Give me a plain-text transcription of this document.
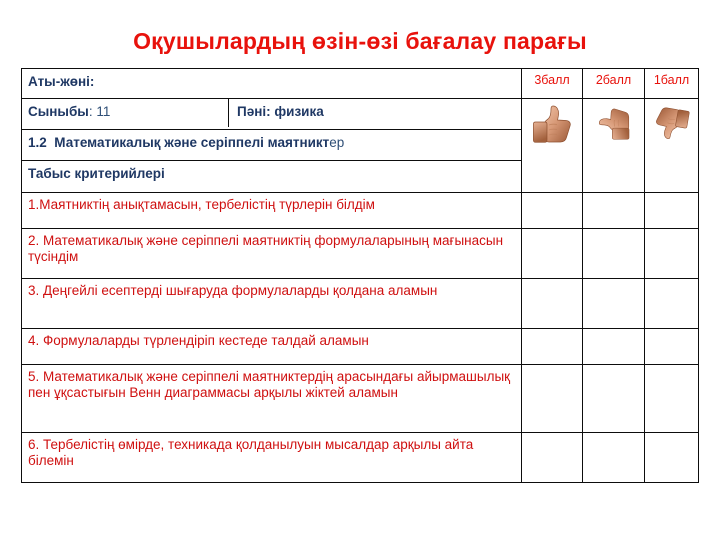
Оқушылардың өзін-өзі бағалау парағы
Аты-жөні:	3балл	2балл	1балл

Сыныбы: 11	Пәні: физика

1.2 Математикалық және серіппелі маятниктер
Табыс критерийлері
1.Маятниктің анықтамасын, тербелістің түрлерін білдім			
2. Математикалық және серіппелі маятниктің формулаларының мағынасын түсіндім			
3. Деңгейлі есептерді шығаруда формулаларды қолдана аламын			
4. Формулаларды түрлендіріп кестеде талдай аламын			
5. Математикалық және серіппелі маятниктердің арасындағы айырмашылық пен ұқсастығын Венн диаграммасы арқылы жіктей аламын			
6. Тербелістің өмірде, техникада қолданылуын мысалдар арқылы айта білемін			
